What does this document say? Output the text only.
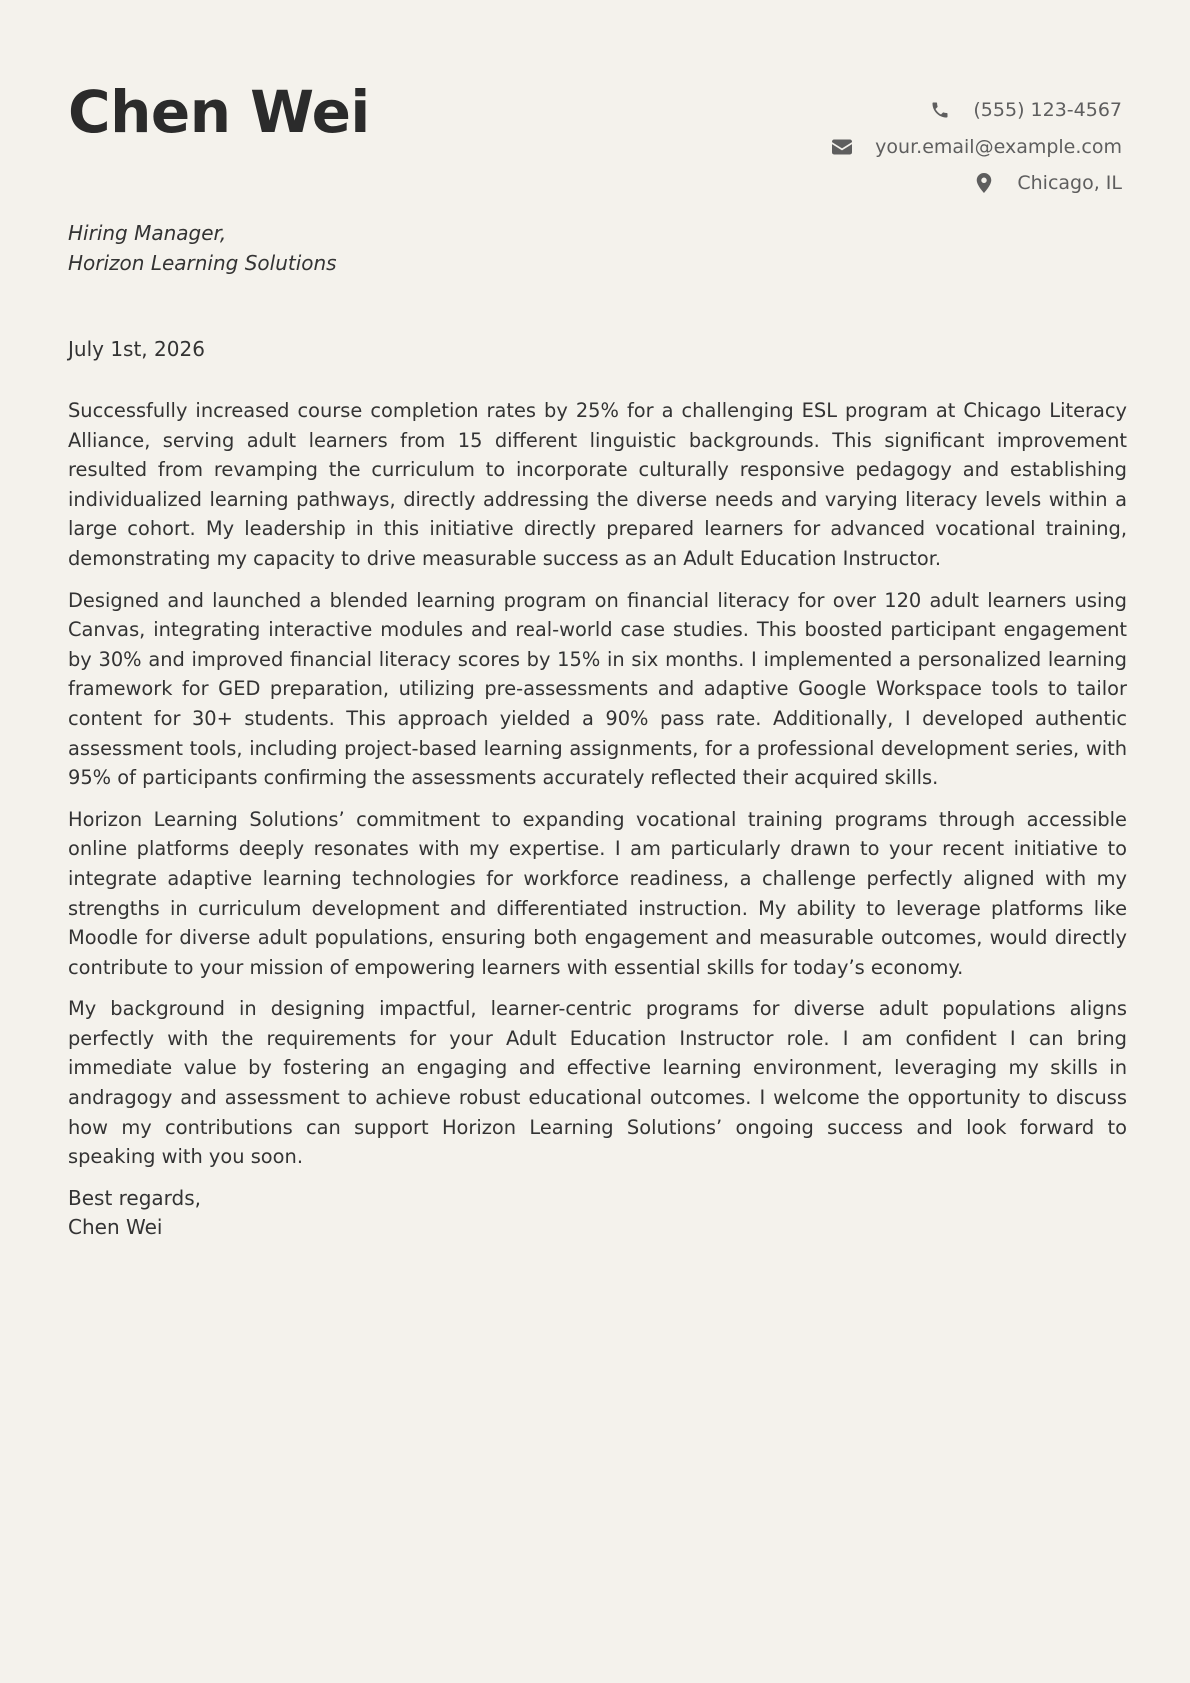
Chen Wei	(555) 123-4567
your.email@example.com
Chicago, IL
Hiring Manager,
Horizon Learning Solutions
July 1st, 2026

Successfully increased course completion rates by 25% for a challenging ESL program at Chicago Literacy Alliance, serving adult learners from 15 different linguistic backgrounds. This significant improvement resulted from revamping the curriculum to incorporate culturally responsive pedagogy and establishing individualized learning pathways, directly addressing the diverse needs and varying literacy levels within a large cohort. My leadership in this initiative directly prepared learners for advanced vocational training, demonstrating my capacity to drive measurable success as an Adult Education Instructor.

Designed and launched a blended learning program on financial literacy for over 120 adult learners using Canvas, integrating interactive modules and real-world case studies. This boosted participant engagement by 30% and improved financial literacy scores by 15% in six months. I implemented a personalized learning framework for GED preparation, utilizing pre-assessments and adaptive Google Workspace tools to tailor content for 30+ students. This approach yielded a 90% pass rate. Additionally, I developed authentic assessment tools, including project-based learning assignments, for a professional development series, with 95% of participants confirming the assessments accurately reflected their acquired skills.

Horizon Learning Solutions’ commitment to expanding vocational training programs through accessible online platforms deeply resonates with my expertise. I am particularly drawn to your recent initiative to integrate adaptive learning technologies for workforce readiness, a challenge perfectly aligned with my strengths in curriculum development and differentiated instruction. My ability to leverage platforms like Moodle for diverse adult populations, ensuring both engagement and measurable outcomes, would directly contribute to your mission of empowering learners with essential skills for today’s economy.

My background in designing impactful, learner-centric programs for diverse adult populations aligns perfectly with the requirements for your Adult Education Instructor role. I am confident I can bring immediate value by fostering an engaging and effective learning environment, leveraging my skills in andragogy and assessment to achieve robust educational outcomes. I welcome the opportunity to discuss how my contributions can support Horizon Learning Solutions’ ongoing success and look forward to speaking with you soon.

Best regards,
Chen Wei
